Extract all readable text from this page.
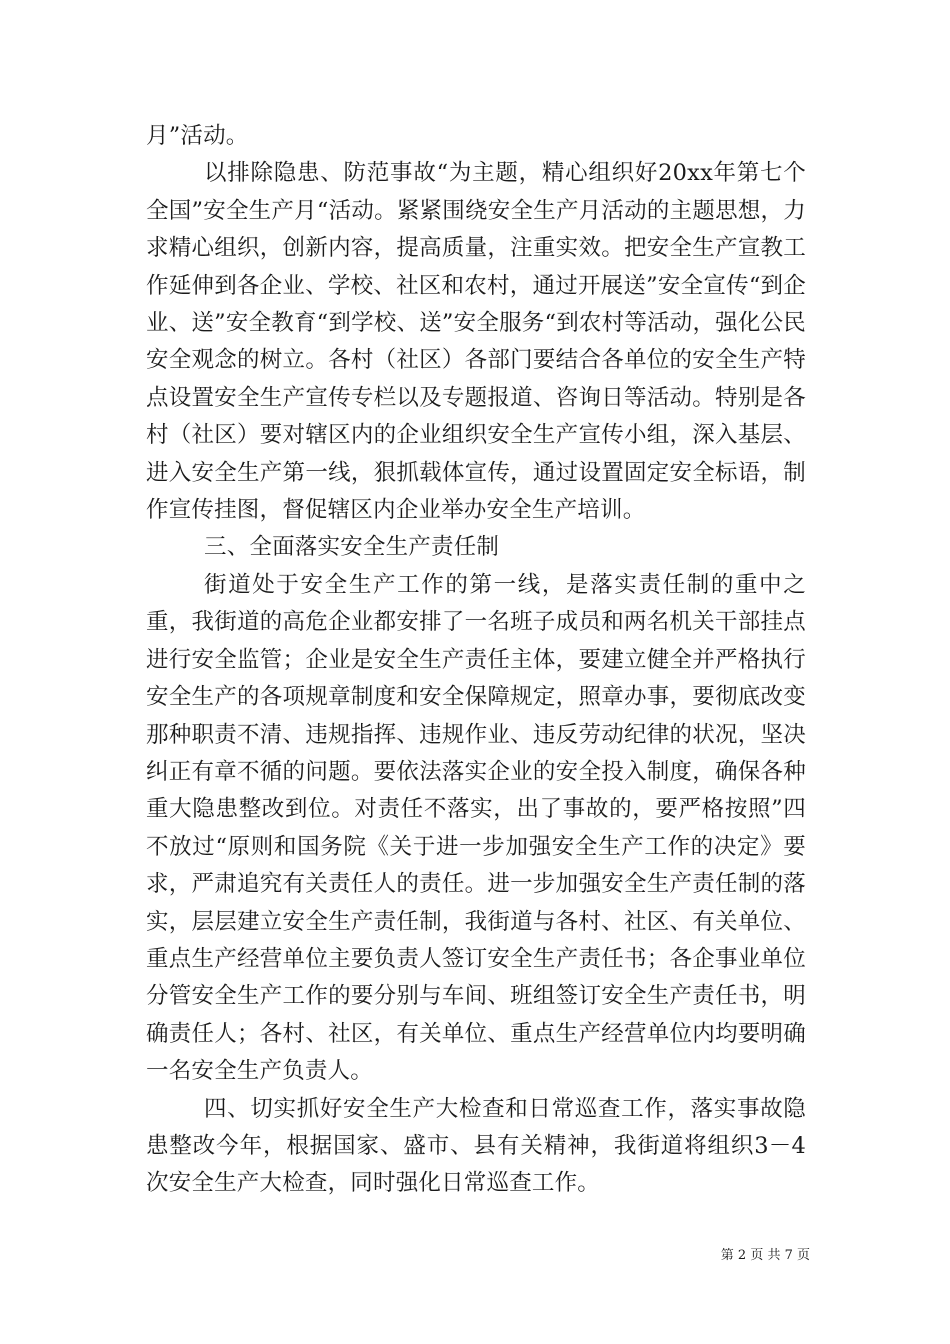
月”活动。

以排除隐患、防范事故“为主题，精心组织好20xx年第七个全国”安全生产月“活动。紧紧围绕安全生产月活动的主题思想，力求精心组织，创新内容，提高质量，注重实效。把安全生产宣教工作延伸到各企业、学校、社区和农村，通过开展送”安全宣传“到企业、送”安全教育“到学校、送”安全服务“到农村等活动，强化公民安全观念的树立。各村（社区）各部门要结合各单位的安全生产特点设置安全生产宣传专栏以及专题报道、咨询日等活动。特别是各村（社区）要对辖区内的企业组织安全生产宣传小组，深入基层、进入安全生产第一线，狠抓载体宣传，通过设置固定安全标语，制作宣传挂图，督促辖区内企业举办安全生产培训。

三、全面落实安全生产责任制

街道处于安全生产工作的第一线，是落实责任制的重中之重，我街道的高危企业都安排了一名班子成员和两名机关干部挂点进行安全监管；企业是安全生产责任主体，要建立健全并严格执行安全生产的各项规章制度和安全保障规定，照章办事，要彻底改变那种职责不清、违规指挥、违规作业、违反劳动纪律的状况，坚决纠正有章不循的问题。要依法落实企业的安全投入制度，确保各种重大隐患整改到位。对责任不落实，出了事故的，要严格按照”四不放过“原则和国务院《关于进一步加强安全生产工作的决定》要求，严肃追究有关责任人的责任。进一步加强安全生产责任制的落实，层层建立安全生产责任制，我街道与各村、社区、有关单位、重点生产经营单位主要负责人签订安全生产责任书；各企事业单位分管安全生产工作的要分别与车间、班组签订安全生产责任书，明确责任人；各村、社区，有关单位、重点生产经营单位内均要明确一名安全生产负责人。

四、切实抓好安全生产大检查和日常巡查工作，落实事故隐患整改今年，根据国家、盛市、县有关精神，我街道将组织3－4次安全生产大检查，同时强化日常巡查工作。

第 2 页 共 7 页
